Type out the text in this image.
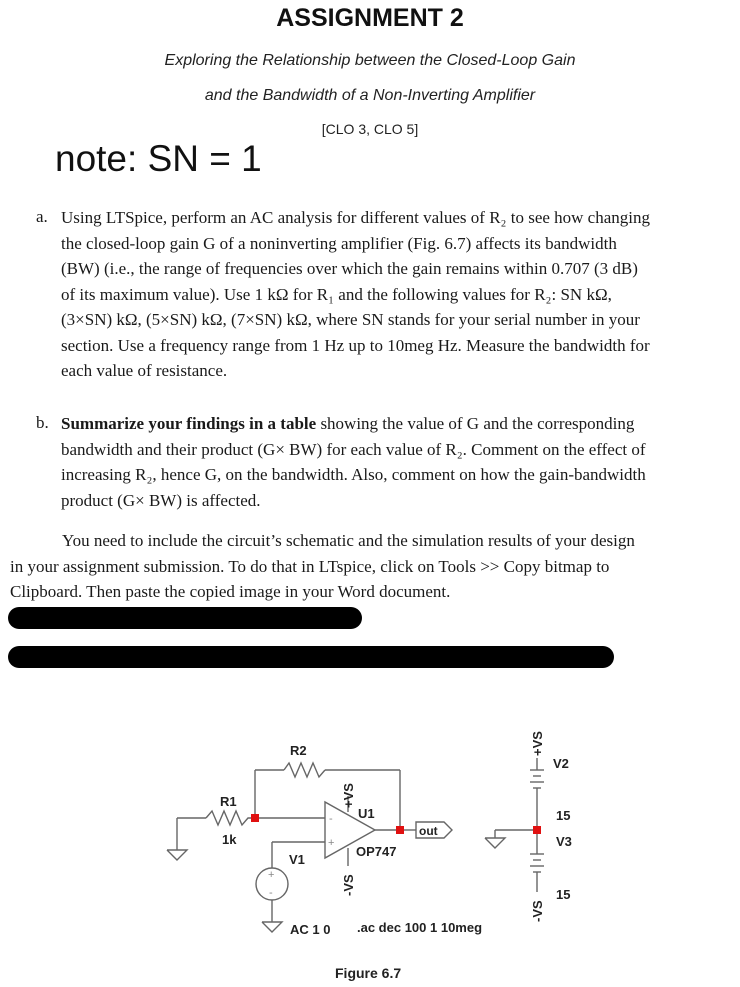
ASSIGNMENT 2
Exploring the Relationship between the Closed-Loop Gain
and the Bandwidth of a Non-Inverting Amplifier
[CLO 3, CLO 5]
note: SN = 1
a. Using LTSpice, perform an AC analysis for different values of R₂ to see how changing
the closed-loop gain G of a noninverting amplifier (Fig. 6.7) affects its bandwidth
(BW) (i.e., the range of frequencies over which the gain remains within 0.707 (3 dB)
of its maximum value). Use 1 kΩ for R₁ and the following values for R₂: SN kΩ,
(3×SN) kΩ, (5×SN) kΩ, (7×SN) kΩ, where SN stands for your serial number in your
section. Use a frequency range from 1 Hz up to 10meg Hz. Measure the bandwidth for
each value of resistance.
b. Summarize your findings in a table showing the value of G and the corresponding
bandwidth and their product (G× BW) for each value of R₂. Comment on the effect of
increasing R₂, hence G, on the bandwidth. Also, comment on how the gain-bandwidth
product (G× BW) is affected.
You need to include the circuit’s schematic and the simulation results of your design
in your assignment submission. To do that in LTspice, click on Tools >> Copy bitmap to
Clipboard. Then paste the copied image in your Word document.
R2
R1
1k
U1
OP747
V1
AC 1 0 .ac dec 100 1 10meg
out
V2
15
V3
15
+VS
-VS
+VS
-VS
+
-
+
-
Figure 6.7
